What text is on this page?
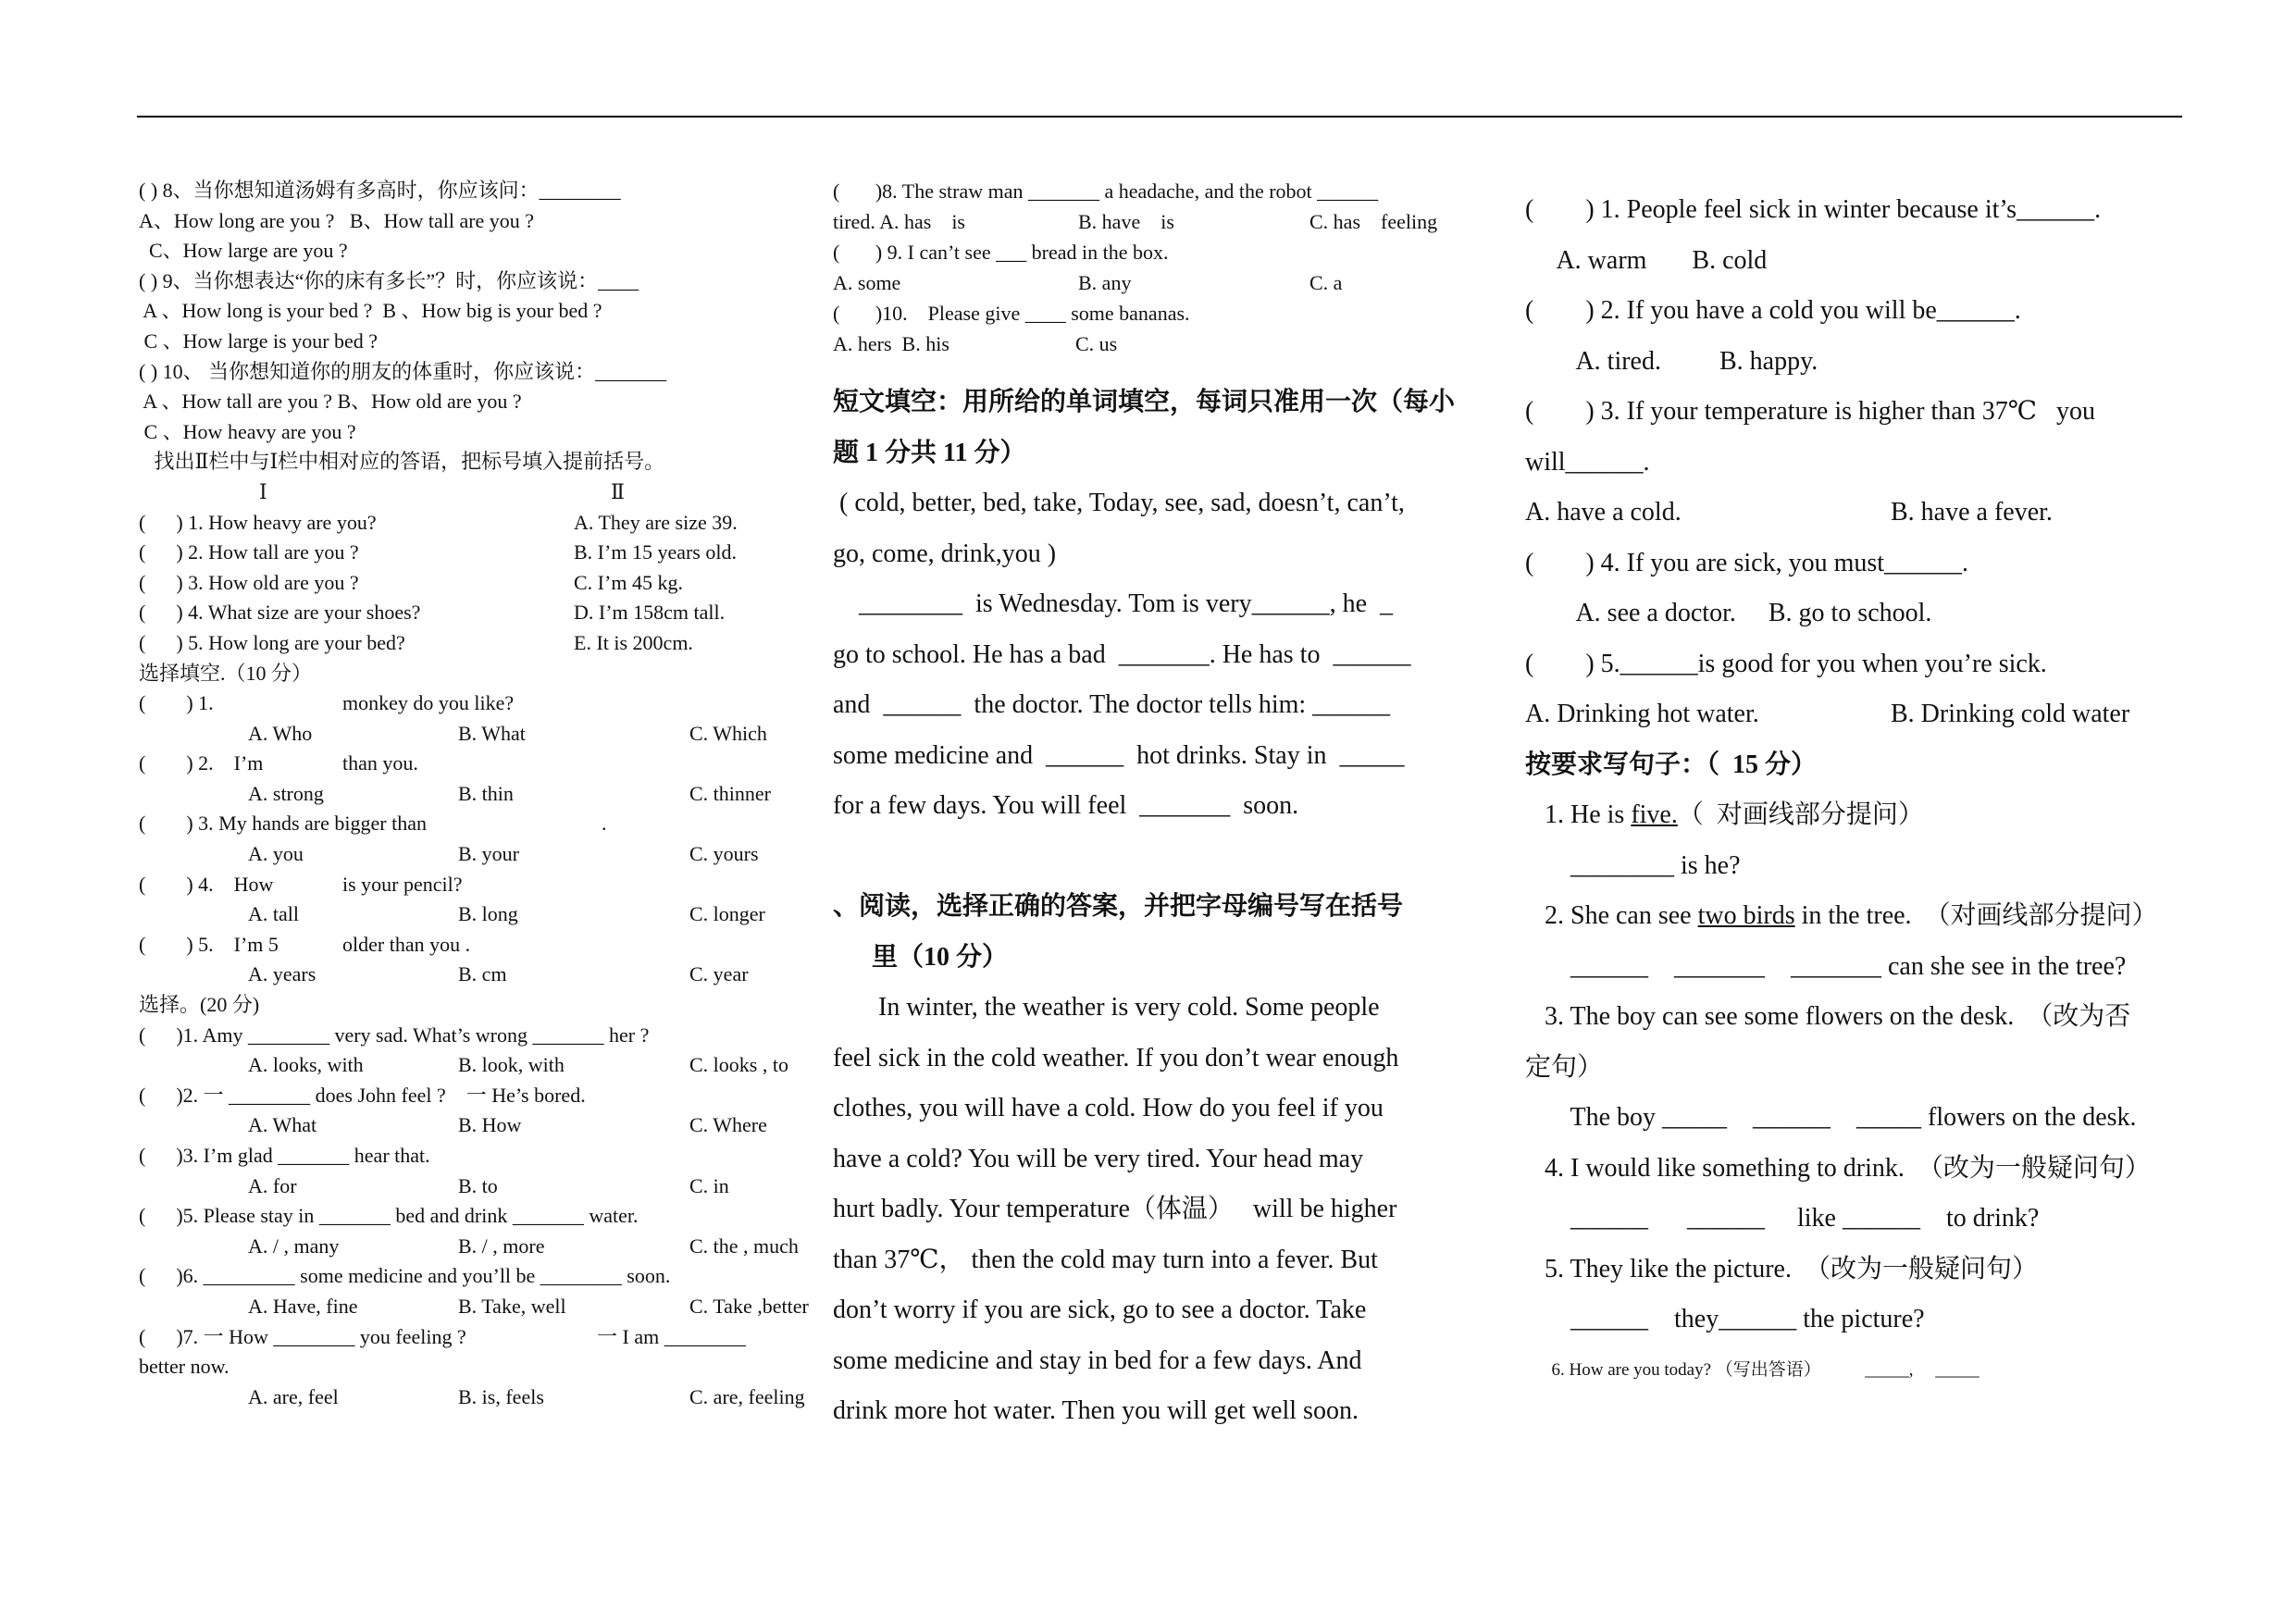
( ) 8、当你想知道汤姆有多高时，你应该问：________
A、How long are you ?   B、How tall are you ?
C、How large are you ?
( ) 9、当你想表达“你的床有多长”？时，你应该说：____
A 、How long is your bed ?  B 、How big is your bed ?
C 、How large is your bed ?
( ) 10、 当你想知道你的朋友的体重时，你应该说：_______
A 、How tall are you ? B、How old are you ?
C 、How heavy are you ?
找出Ⅱ栏中与Ⅰ栏中相对应的答语，把标号填入提前括号。
Ⅰ	Ⅱ
(      ) 1. How heavy are you?	A. They are size 39.
(      ) 2. How tall are you ?	B. I’m 15 years old.
(      ) 3. How old are you ?	C. I’m 45 kg.
(      ) 4. What size are your shoes?	D. I’m 158cm tall.
(      ) 5. How long are your bed?	E. It is 200cm.
选择填空.（10 分）
(        ) 1.	monkey do you like?
A. Who	B. What	C. Which
(        ) 2.    I’m	than you.
A. strong	B. thin	C. thinner
(        ) 3. My hands are bigger than	.
A. you	B. your	C. yours
(        ) 4.    How	is your pencil?
A. tall	B. long	C. longer
(        ) 5.    I’m 5	older than you .
A. years	B. cm	C. year
选择。(20 分)
(      )1. Amy ________ very sad. What’s wrong _______ her ?
A. looks, with	B. look, with	C. looks , to
(      )2. 一 ________ does John feel ?    一 He’s bored.
A. What	B. How	C. Where
(      )3. I’m glad _______ hear that.
A. for	B. to	C. in
(      )5. Please stay in _______ bed and drink _______ water.
A. / , many	B. / , more	C. the , much
(      )6. _________ some medicine and you’ll be ________ soon.
A. Have, fine	B. Take, well	C. Take ,better
(      )7. 一 How ________ you feeling ?	一 I am ________
better now.
A. are, feel	B. is, feels	C. are, feeling
(       )8. The straw man _______ a headache, and the robot ______
tired. A. has    is	B. have    is	C. has    feeling
(       ) 9. I can’t see ___ bread in the box.
A. some	B. any	C. a
(       )10.    Please give ____ some bananas.
A. hers  B. his	C. us
短文填空：用所给的单词填空，每词只准用一次（每小
题 1 分共 11 分）
( cold, better, bed, take, Today, see, sad, doesn’t, can’t,
go, come, drink,you )
________  is Wednesday. Tom is very______, he  _
go to school. He has a bad  _______. He has to  ______
and  ______  the doctor. The doctor tells him: ______
some medicine and  ______  hot drinks. Stay in  _____
for a few days. You will feel  _______  soon.
、阅读，选择正确的答案，并把字母编号写在括号
里（10 分）
In winter, the weather is very cold. Some people
feel sick in the cold weather. If you don’t wear enough
clothes, you will have a cold. How do you feel if you
have a cold? You will be very tired. Your head may
hurt badly. Your temperature（体温）   will be higher
than 37℃， then the cold may turn into a fever. But
don’t worry if you are sick, go to see a doctor. Take
some medicine and stay in bed for a few days. And
drink more hot water. Then you will get well soon.
(        ) 1. People feel sick in winter because it’s______.
A. warm       B. cold
(        ) 2. If you have a cold you will be______.
A. tired.         B. happy.
(        ) 3. If your temperature is higher than 37℃   you
will______.
A. have a cold.	B. have a fever.
(        ) 4. If you are sick, you must______.
A. see a doctor.     B. go to school.
(        ) 5.______is good for you when you’re sick.
A. Drinking hot water.	B. Drinking cold water
按要求写句子：（  15 分）
1. He is five.（  对画线部分提问）
________ is he?
2. She can see two birds in the tree.  （对画线部分提问）
______    _______    _______ can she see in the tree?
3. The boy can see some flowers on the desk.  （改为否
定句）
The boy _____    ______    _____ flowers on the desk.
4. I would like something to drink.  （改为一般疑问句）
______      ______     like ______    to drink?
5. They like the picture.  （改为一般疑问句）
______    they______ the picture?
6. How are you today? （写出答语）          _____,     _____
